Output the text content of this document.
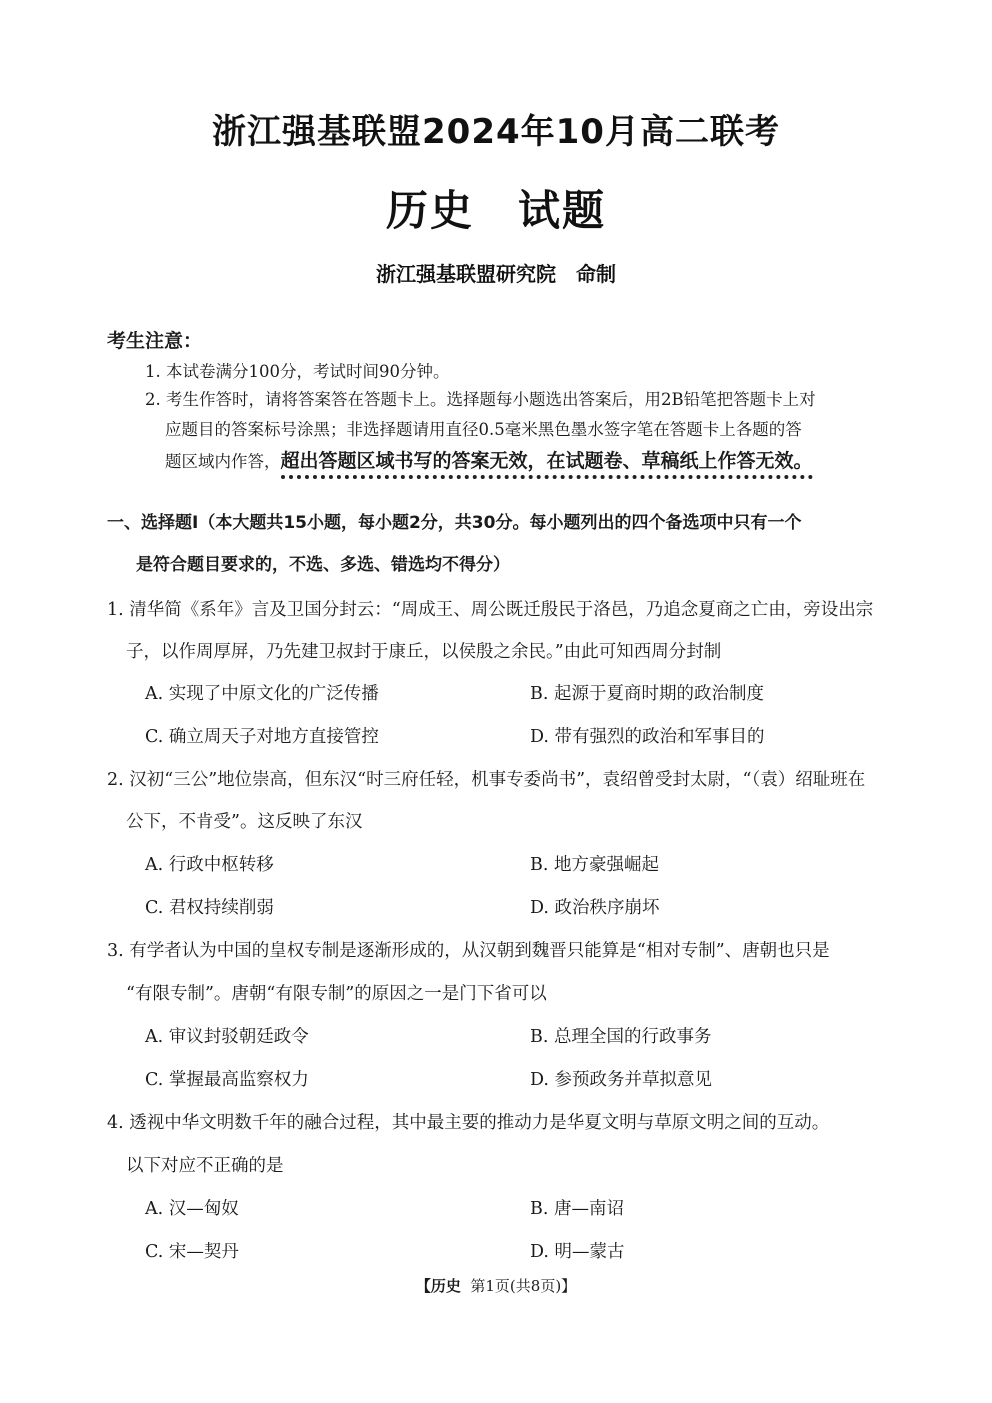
浙江强基联盟2024年10月高二联考
历史　试题
浙江强基联盟研究院　命制
考生注意：
1. 本试卷满分100分，考试时间90分钟。
2. 考生作答时，请将答案答在答题卡上。选择题每小题选出答案后，用2B铅笔把答题卡上对
应题目的答案标号涂黑；非选择题请用直径0.5毫米黑色墨水签字笔在答题卡上各题的答
题区域内作答，超出答题区域书写的答案无效，在试题卷、草稿纸上作答无效。
一、选择题Ⅰ（本大题共15小题，每小题2分，共30分。每小题列出的四个备选项中只有一个
是符合题目要求的，不选、多选、错选均不得分）
1. 清华简《系年》言及卫国分封云：“周成王、周公既迁殷民于洛邑，乃追念夏商之亡由，旁设出宗
子，以作周厚屏，乃先建卫叔封于康丘，以侯殷之余民。”由此可知西周分封制
A. 实现了中原文化的广泛传播	B. 起源于夏商时期的政治制度
C. 确立周天子对地方直接管控	D. 带有强烈的政治和军事目的
2. 汉初“三公”地位崇高，但东汉“时三府任轻，机事专委尚书”，袁绍曾受封太尉，“（袁）绍耻班在
公下，不肯受”。这反映了东汉
A. 行政中枢转移	B. 地方豪强崛起
C. 君权持续削弱	D. 政治秩序崩坏
3. 有学者认为中国的皇权专制是逐渐形成的，从汉朝到魏晋只能算是“相对专制”、唐朝也只是
“有限专制”。唐朝“有限专制”的原因之一是门下省可以
A. 审议封驳朝廷政令	B. 总理全国的行政事务
C. 掌握最高监察权力	D. 参预政务并草拟意见
4. 透视中华文明数千年的融合过程，其中最主要的推动力是华夏文明与草原文明之间的互动。
以下对应不正确的是
A. 汉—匈奴	B. 唐—南诏
C. 宋—契丹	D. 明—蒙古
【历史 第1页(共8页)】
